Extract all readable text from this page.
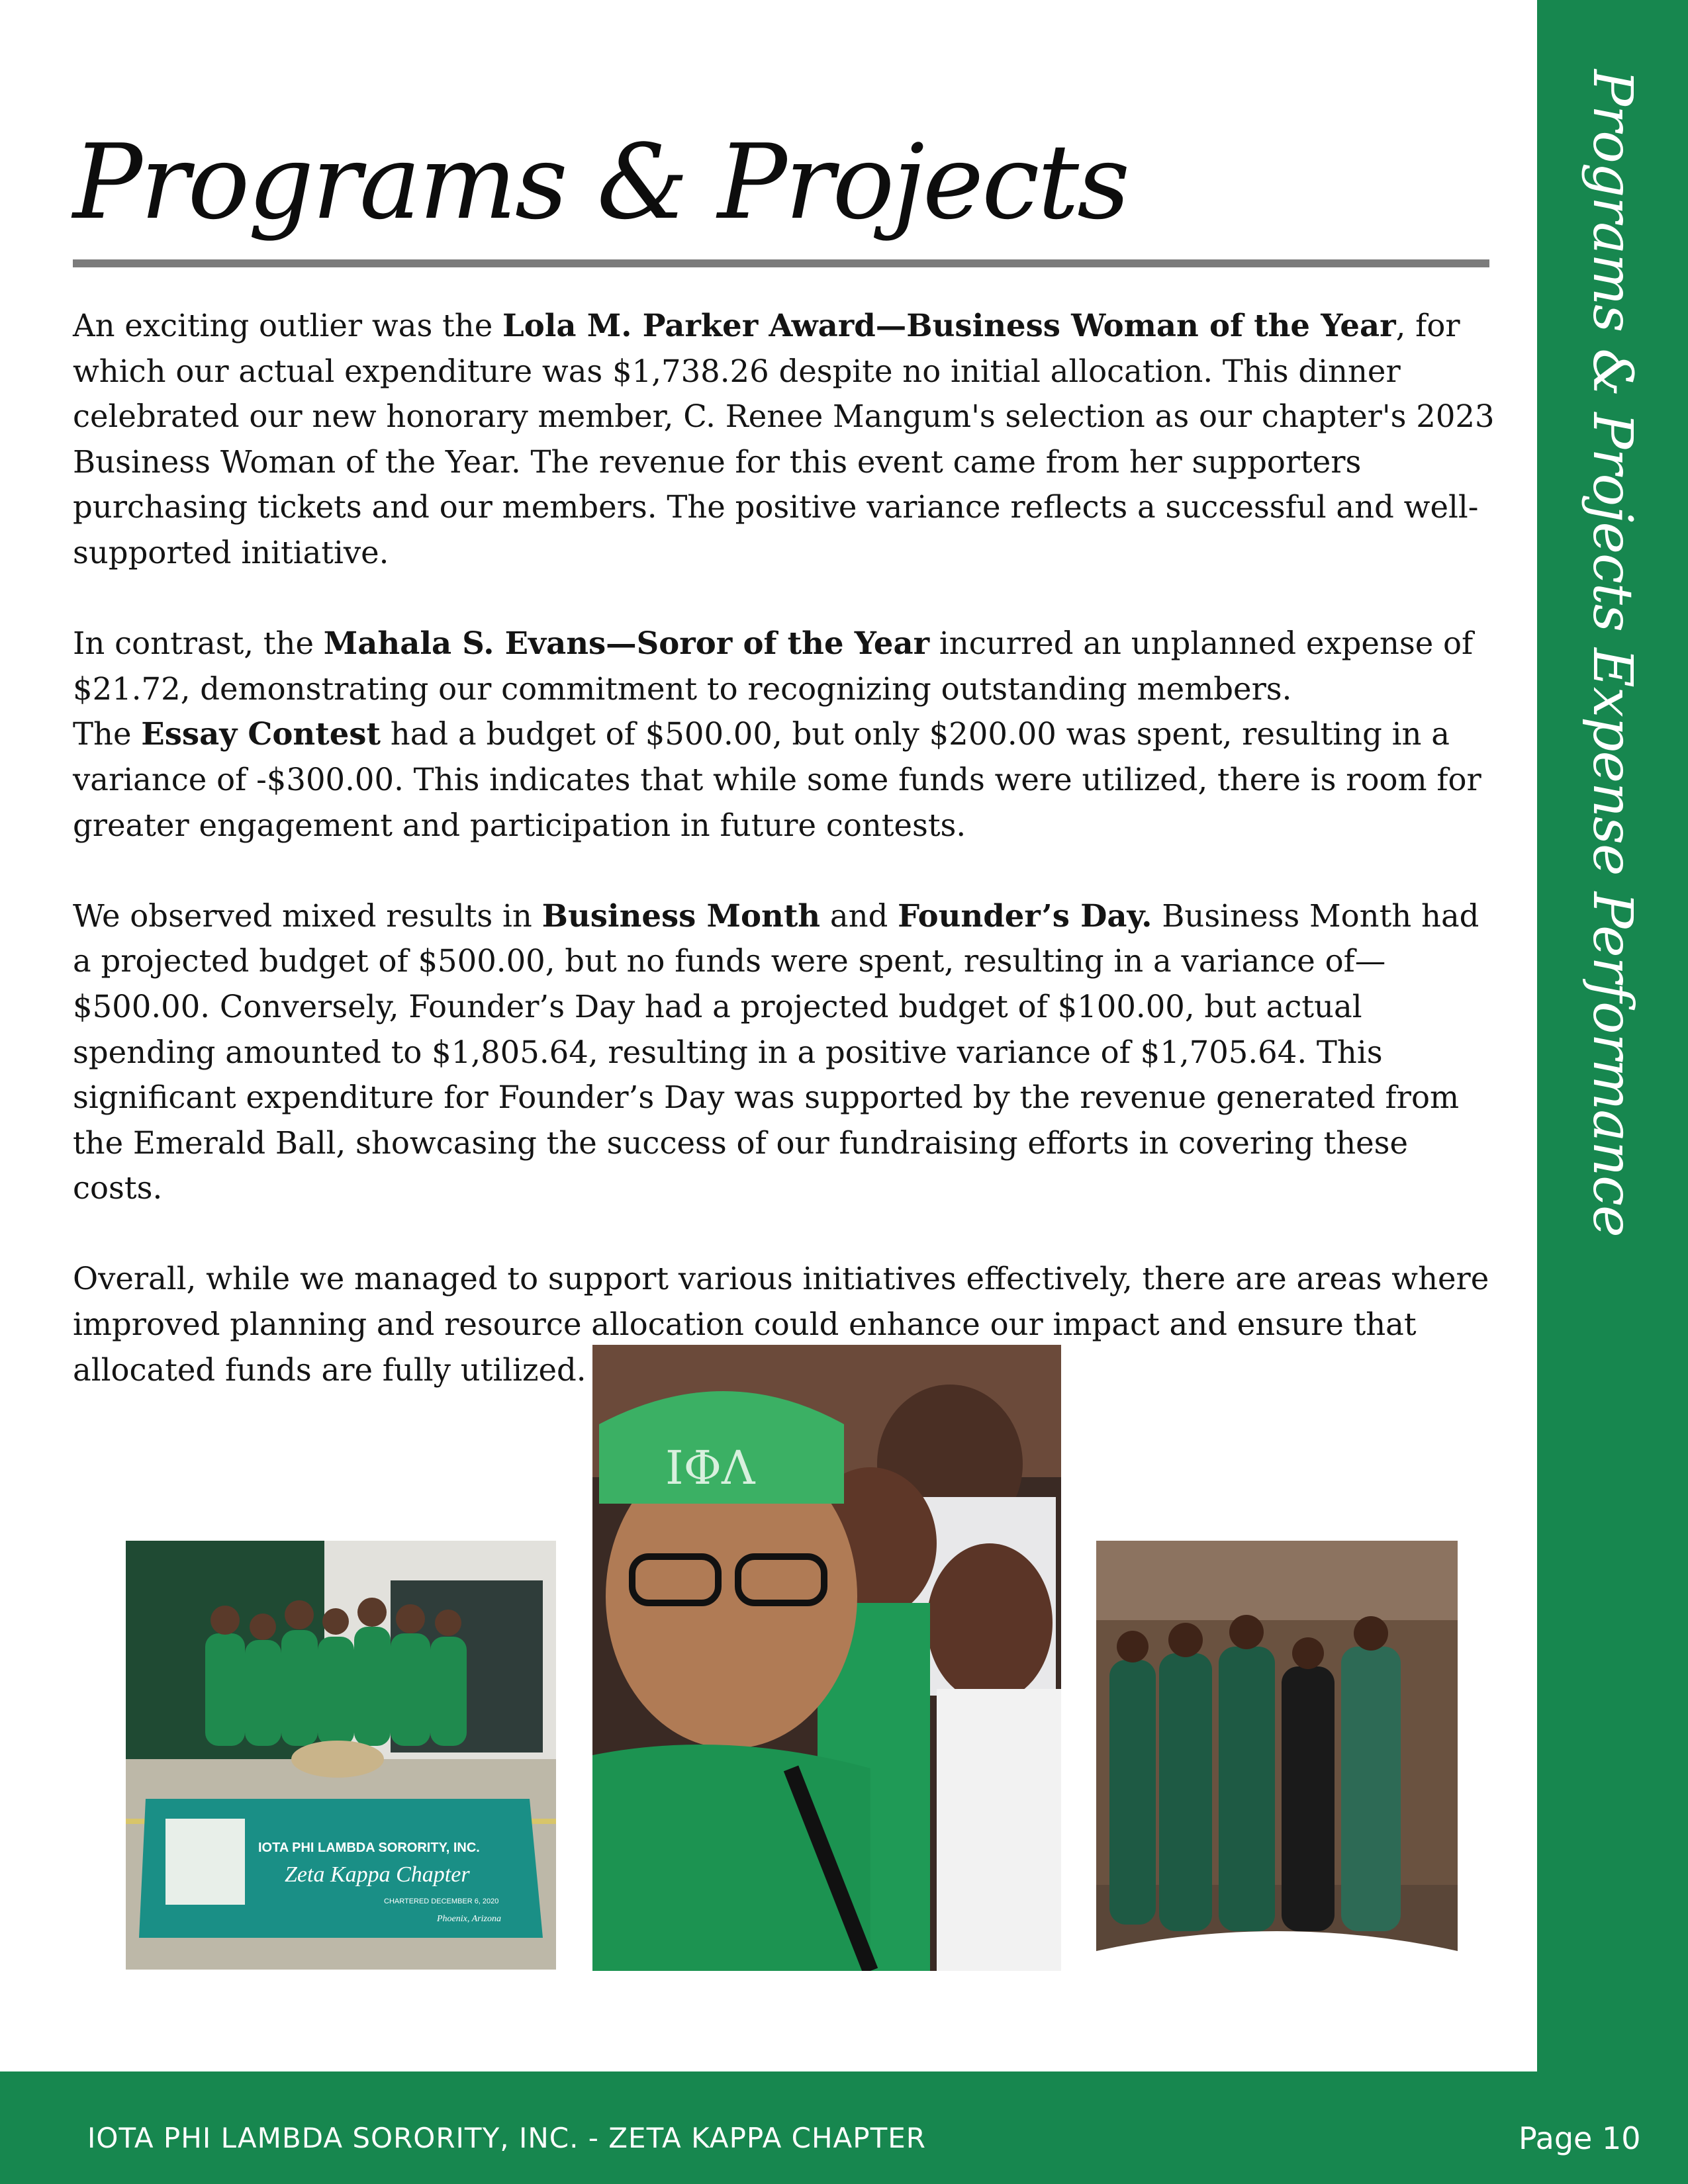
Programs & Projects Expense Performance
Programs & Projects

An exciting outlier was the Lola M. Parker Award—Business Woman of the Year, for which our actual expenditure was $1,738.26 despite no initial allocation. This dinner celebrated our new honorary member, C. Renee Mangum's selection as our chapter's 2023 Business Woman of the Year. The revenue for this event came from her supporters purchasing tickets and our members. The positive variance reflects a successful and well-supported initiative.

In contrast, the Mahala S. Evans—Soror of the Year incurred an unplanned expense of $21.72, demonstrating our commitment to recognizing outstanding members.

The Essay Contest had a budget of $500.00, but only $200.00 was spent, resulting in a variance of -$300.00. This indicates that while some funds were utilized, there is room for greater engagement and participation in future contests.

We observed mixed results in Business Month and Founder’s Day. Business Month had a projected budget of $500.00, but no funds were spent, resulting in a variance of—$500.00. Conversely, Founder’s Day had a projected budget of $100.00, but actual spending amounted to $1,805.64, resulting in a positive variance of $1,705.64. This significant expenditure for Founder’s Day was supported by the revenue generated from the Emerald Ball, showcasing the success of our fundraising efforts in covering these costs.

Overall, while we managed to support various initiatives effectively, there are areas where improved planning and resource allocation could enhance our impact and ensure that allocated funds are fully utilized.

IOTA PHI LAMBDA SORORITY, INC.
Zeta Kappa Chapter
CHARTERED DECEMBER 6, 2020
Phoenix, Arizona
ΙΦΛ
IOTA PHI LAMBDA SORORITY, INC. - ZETA KAPPA CHAPTER	Page 10
